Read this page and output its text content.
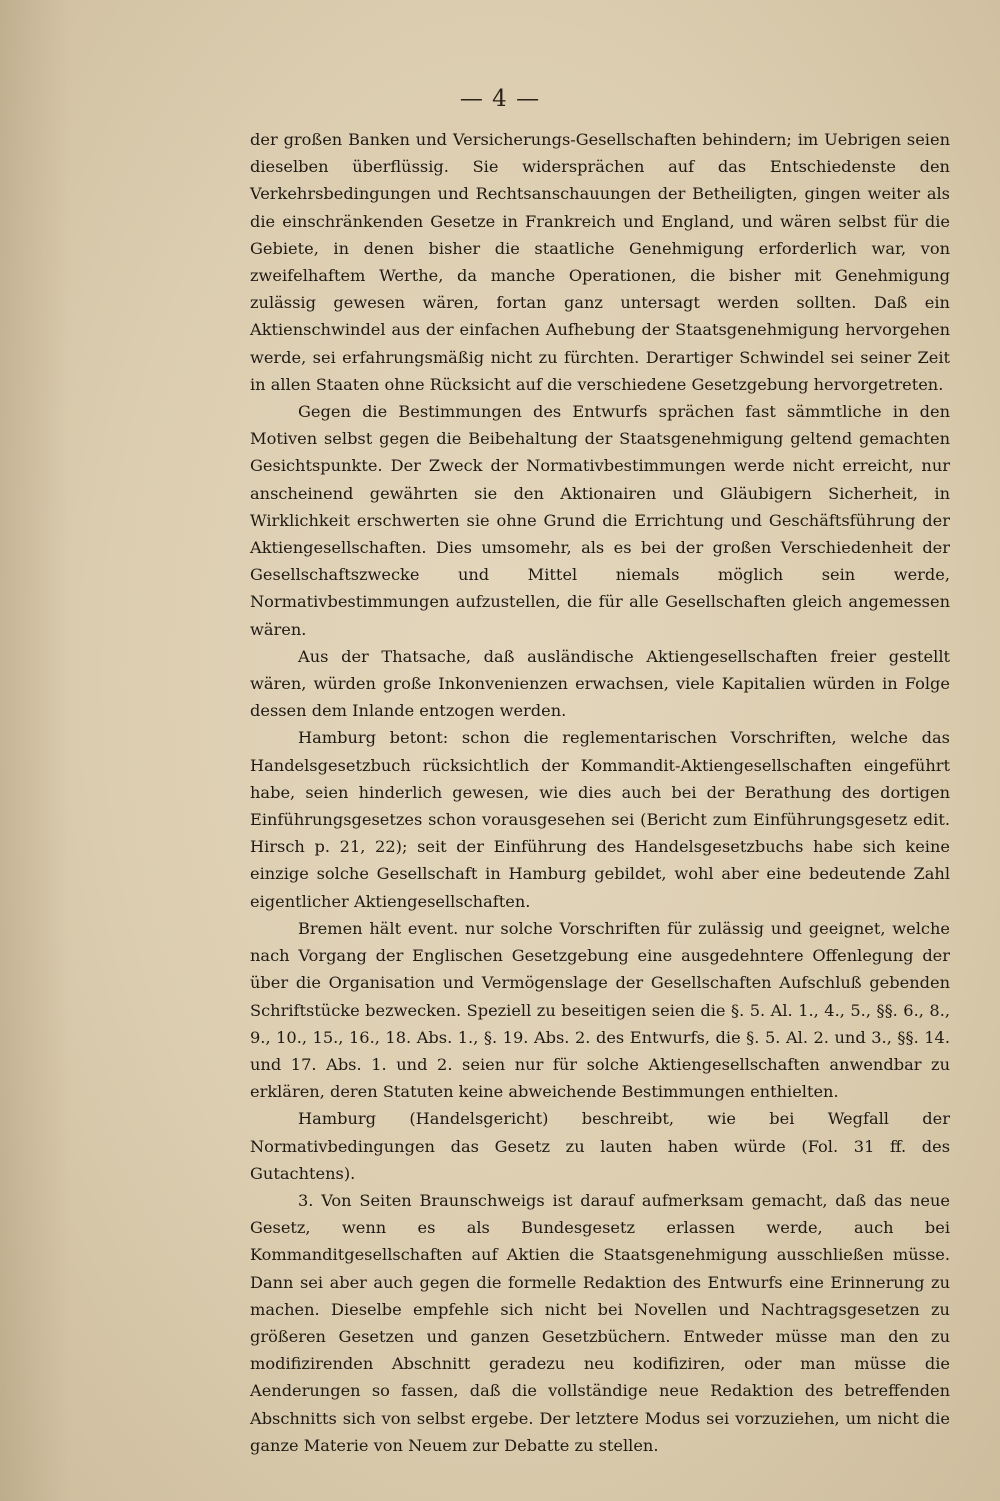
— 4 —

der großen Banken und Versicherungs-Gesellschaften behindern; im Uebrigen seien dieselben überflüssig. Sie widersprächen auf das Entschiedenste den Verkehrsbedingungen und Rechtsanschauungen der Betheiligten, gingen weiter als die einschränkenden Gesetze in Frankreich und England, und wären selbst für die Gebiete, in denen bisher die staatliche Genehmigung erforderlich war, von zweifelhaftem Werthe, da manche Operationen, die bisher mit Genehmigung zulässig gewesen wären, fortan ganz untersagt werden sollten. Daß ein Aktienschwindel aus der einfachen Aufhebung der Staatsgenehmigung hervorgehen werde, sei erfahrungsmäßig nicht zu fürchten. Derartiger Schwindel sei seiner Zeit in allen Staaten ohne Rücksicht auf die verschiedene Gesetzgebung hervorgetreten.

Gegen die Bestimmungen des Entwurfs sprächen fast sämmtliche in den Motiven selbst gegen die Beibehaltung der Staatsgenehmigung geltend gemachten Gesichtspunkte. Der Zweck der Normativbestimmungen werde nicht erreicht, nur anscheinend gewährten sie den Aktionairen und Gläubigern Sicherheit, in Wirklichkeit erschwerten sie ohne Grund die Errichtung und Geschäftsführung der Aktiengesellschaften. Dies umsomehr, als es bei der großen Verschiedenheit der Gesellschaftszwecke und Mittel niemals möglich sein werde, Normativbestimmungen aufzustellen, die für alle Gesellschaften gleich angemessen wären.

Aus der Thatsache, daß ausländische Aktiengesellschaften freier gestellt wären, würden große Inkonvenienzen erwachsen, viele Kapitalien würden in Folge dessen dem Inlande entzogen werden.

Hamburg betont: schon die reglementarischen Vorschriften, welche das Handelsgesetzbuch rücksichtlich der Kommandit-Aktiengesellschaften eingeführt habe, seien hinderlich gewesen, wie dies auch bei der Berathung des dortigen Einführungsgesetzes schon vorausgesehen sei (Bericht zum Einführungsgesetz edit. Hirsch p. 21, 22); seit der Einführung des Handelsgesetzbuchs habe sich keine einzige solche Gesellschaft in Hamburg gebildet, wohl aber eine bedeutende Zahl eigentlicher Aktiengesellschaften.

Bremen hält event. nur solche Vorschriften für zulässig und geeignet, welche nach Vorgang der Englischen Gesetzgebung eine ausgedehntere Offenlegung der über die Organisation und Vermögenslage der Gesellschaften Aufschluß gebenden Schriftstücke bezwecken. Speziell zu beseitigen seien die §. 5. Al. 1., 4., 5., §§. 6., 8., 9., 10., 15., 16., 18. Abs. 1., §. 19. Abs. 2. des Entwurfs, die §. 5. Al. 2. und 3., §§. 14. und 17. Abs. 1. und 2. seien nur für solche Aktiengesellschaften anwendbar zu erklären, deren Statuten keine abweichende Bestimmungen enthielten.

Hamburg (Handelsgericht) beschreibt, wie bei Wegfall der Normativbedingungen das Gesetz zu lauten haben würde (Fol. 31 ff. des Gutachtens).

3. Von Seiten Braunschweigs ist darauf aufmerksam gemacht, daß das neue Gesetz, wenn es als Bundesgesetz erlassen werde, auch bei Kommanditgesellschaften auf Aktien die Staatsgenehmigung ausschließen müsse. Dann sei aber auch gegen die formelle Redaktion des Entwurfs eine Erinnerung zu machen. Dieselbe empfehle sich nicht bei Novellen und Nachtragsgesetzen zu größeren Gesetzen und ganzen Gesetzbüchern. Entweder müsse man den zu modifizirenden Abschnitt geradezu neu kodifiziren, oder man müsse die Aenderungen so fassen, daß die vollständige neue Redaktion des betreffenden Abschnitts sich von selbst ergebe. Der letztere Modus sei vorzuziehen, um nicht die ganze Materie von Neuem zur Debatte zu stellen.
